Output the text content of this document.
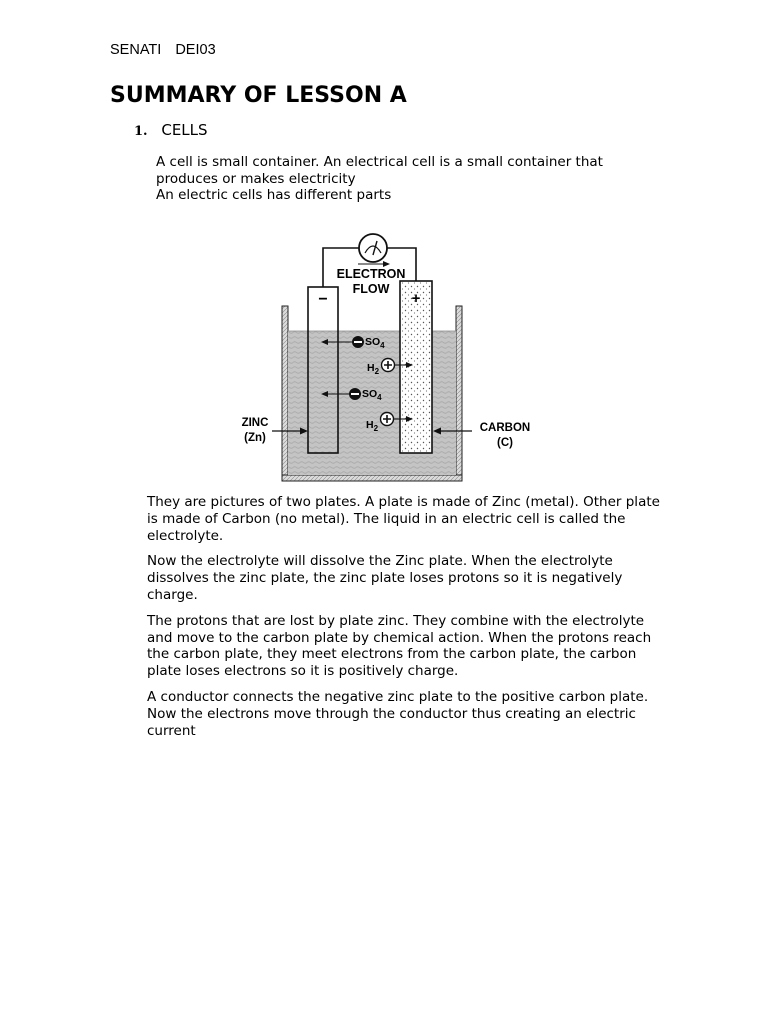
SENATI DEI03
SUMMARY OF LESSON A
1. CELLS

A cell is small container. An electrical cell is a small container that produces or makes electricity

An electric cells has different parts

ELECTRON
FLOW
−	+
$SO_4$
$H_2$
$SO_4$
$H_2$
ZINC
(Zn)
CARBON
(C)

They are pictures of two plates. A plate is made of Zinc (metal). Other plate is made of Carbon (no metal). The liquid in an electric cell is called the electrolyte.

Now the electrolyte will dissolve the Zinc plate. When the electrolyte dissolves the zinc plate, the zinc plate loses protons so it is negatively charge.

The protons that are lost by plate zinc. They combine with the electrolyte and move to the carbon plate by chemical action. When the protons reach the carbon plate, they meet electrons from the carbon plate, the carbon plate loses electrons so it is positively charge.

A conductor connects the negative zinc plate to the positive carbon plate. Now the electrons move through the conductor thus creating an electric current
